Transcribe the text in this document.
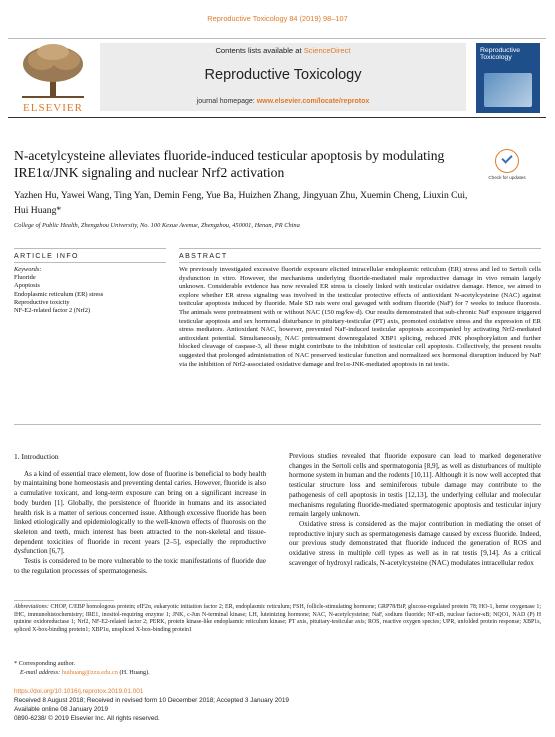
Reproductive Toxicology 84 (2019) 98–107
ELSEVIER
Contents lists available at ScienceDirect
Reproductive Toxicology
journal homepage: www.elsevier.com/locate/reprotox
Reproductive Toxicology
N-acetylcysteine alleviates fluoride-induced testicular apoptosis by modulating IRE1α/JNK signaling and nuclear Nrf2 activation	Check for updates
Yazhen Hu, Yawei Wang, Ting Yan, Demin Feng, Yue Ba, Huizhen Zhang, Jingyuan Zhu, Xuemin Cheng, Liuxin Cui, Hui Huang*
College of Public Health, Zhengzhou University, No. 100 Kexue Avenue, Zhengzhou, 450001, Henan, PR China
ARTICLE INFO	ABSTRACT
Keywords:
Fluoride
Apoptosis
Endoplasmic reticulum (ER) stress
Reproductive toxicity
NF-E2-related factor 2 (Nrf2)
We previously investigated excessive fluoride exposure elicited intracellular endoplasmic reticulum (ER) stress and led to Sertoli cells dysfunction in vitro. However, the mechanisms underlying fluoride-mediated male reproductive damage in vivo remain largely unknown. Considerable evidence has now revealed ER stress is closely linked with testicular oxidative damage. Hence, we aimed to explore whether ER stress signaling was involved in the testicular protective effects of antioxidant N-acetylcysteine (NAC) against testicular apoptosis induced by fluoride. Male SD rats were oral gavaged with sodium fluoride (NaF) for 7 weeks to induce fluorosis. The animals were pretreatment with or without NAC (150 mg/kw·d). Our results demonstrated that sub-chronic NaF exposure triggered testicular apoptosis and sex hormonal disturbance in pituitary-testicular (PT) axis, promoted oxidative stress and the expression of ER stress mediators. Antioxidant NAC, however, prevented NaF-induced testicular apoptosis accompanied by activating Nrf2-mediated antioxidant potential. Simultaneously, NAC pretreatment downregulated XBP1 splicing, reduced JNK phosphorylation and further blocked cleavage of caspase-3, all these might contribute to the inhibition of testicular cell apoptosis. Collectively, the present results suggested that prolonged administration of NAC preserved testicular function and normalized sex hormonal disruption induced by NaF via the inhibition of Nrf2-associated oxidative damage and Ire1α-JNK-mediated apoptosis in rat testis.

1. Introduction

As a kind of essential trace element, low dose of fluorine is beneficial to body health by maintaining bone homeostasis and preventing dental caries. However, fluoride is also a cumulative toxicant, and long-term exposure can bring on a significant increase in body burden [1]. Globally, the persistence of fluoride in humans and its associated health risk is a matter of serious concerned issue. Although excessive fluoride has been linked etiologically and epidemiologically to the well-known effects of fluorosis on the skeleton and teeth, much interest has been attracted to the non-skeletal and tissue-dependent toxicities of fluoride in recent years [2–5], especially the reproductive dysfunction [6,7].

Testis is considered to be more vulnerable to the toxic manifestations of fluoride due to the regulation processes of spermatogenesis.

Previous studies revealed that fluoride exposure can lead to marked degenerative changes in the Sertoli cells and spermatogonia [8,9], as well as disturbances of multiple hormone system in human and the rodents [10,11]. Although it is now well accepted that testicular structure loss and seminiferous tubule damage may contribute to the pathogenesis of cell apoptosis in testis [12,13], the underlying cellular and molecular mechanisms regulating fluoride-mediated spermatogenic apoptosis and testicular injury remain largely unknown.

Oxidative stress is considered as the major contribution in mediating the onset of reproductive injury such as spermatogenesis damage caused by excess fluoride. Indeed, our previous study demonstrated that fluoride induced the generation of ROS and oxidative stress in multiple cell types as well as in rat testis [9,14]. As a critical scavenger of hydroxyl radicals, N-acetylcysteine (NAC) modulates intracellular redox

Abbreviations: CHOP, C/EBP homologous protein; eIF2α, eukaryotic initiation factor 2; ER, endoplasmic reticulum; FSH, follicle-stimulating hormone; GRP78/BiP, glucose-regulated protein 78; HO-1, heme oxygenase 1; IHC, immunohistochemistry; IRE1, inositol-requiring enzyme 1; JNK, c-Jun N-terminal kinase; LH, luteinizing hormone; NAC, N-acetylcysteine; NaF, sodium fluoride; NF-κB, nuclear factor-κB; NQO1, NAD (P) H quinine oxidoreductase 1; Nrf2, NF-E2-related factor 2; PERK, protein kinase-like endoplasmic reticulum kinase; PT axis, pituitary-testicular axis; ROS, reactive oxygen species; UPR, unfolded protein response; XBP1s, spliced X-box-binding protein1; XBP1u, unspliced X-box-binding protein1
* Corresponding author.
E-mail address: huihuang@zzu.edu.cn (H. Huang).
https://doi.org/10.1016/j.reprotox.2019.01.001
Received 8 August 2018; Received in revised form 10 December 2018; Accepted 3 January 2019
Available online 08 January 2019
0890-6238/ © 2019 Elsevier Inc. All rights reserved.
